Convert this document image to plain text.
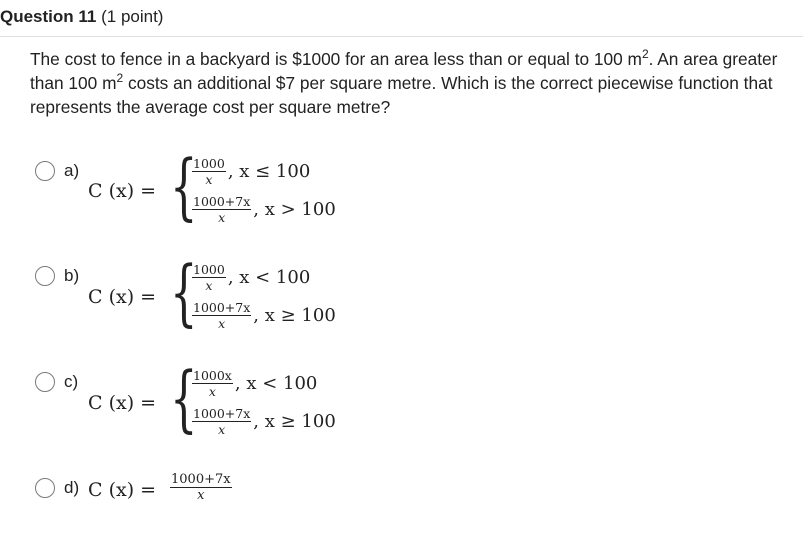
Question 11 (1 point)
The cost to fence in a backyard is $1000 for an area less than or equal to 100 $m^2$. An area greater than 100 $m^2$ costs an additional $7 per square metre. Which is the correct piecewise function that represents the average cost per square metre?
a)
C (x) = {
$\frac{1000}{x}$ , x ≤ 100
$\frac{1000+7x}{x}$ , x > 100
b)
C (x) = {
$\frac{1000}{x}$ , x < 100
$\frac{1000+7x}{x}$ , x ≥ 100
c)
C (x) = {
$\frac{1000x}{x}$ , x < 100
$\frac{1000+7x}{x}$ , x ≥ 100
d) C $(x) = \frac{1000+7x}{x}$
